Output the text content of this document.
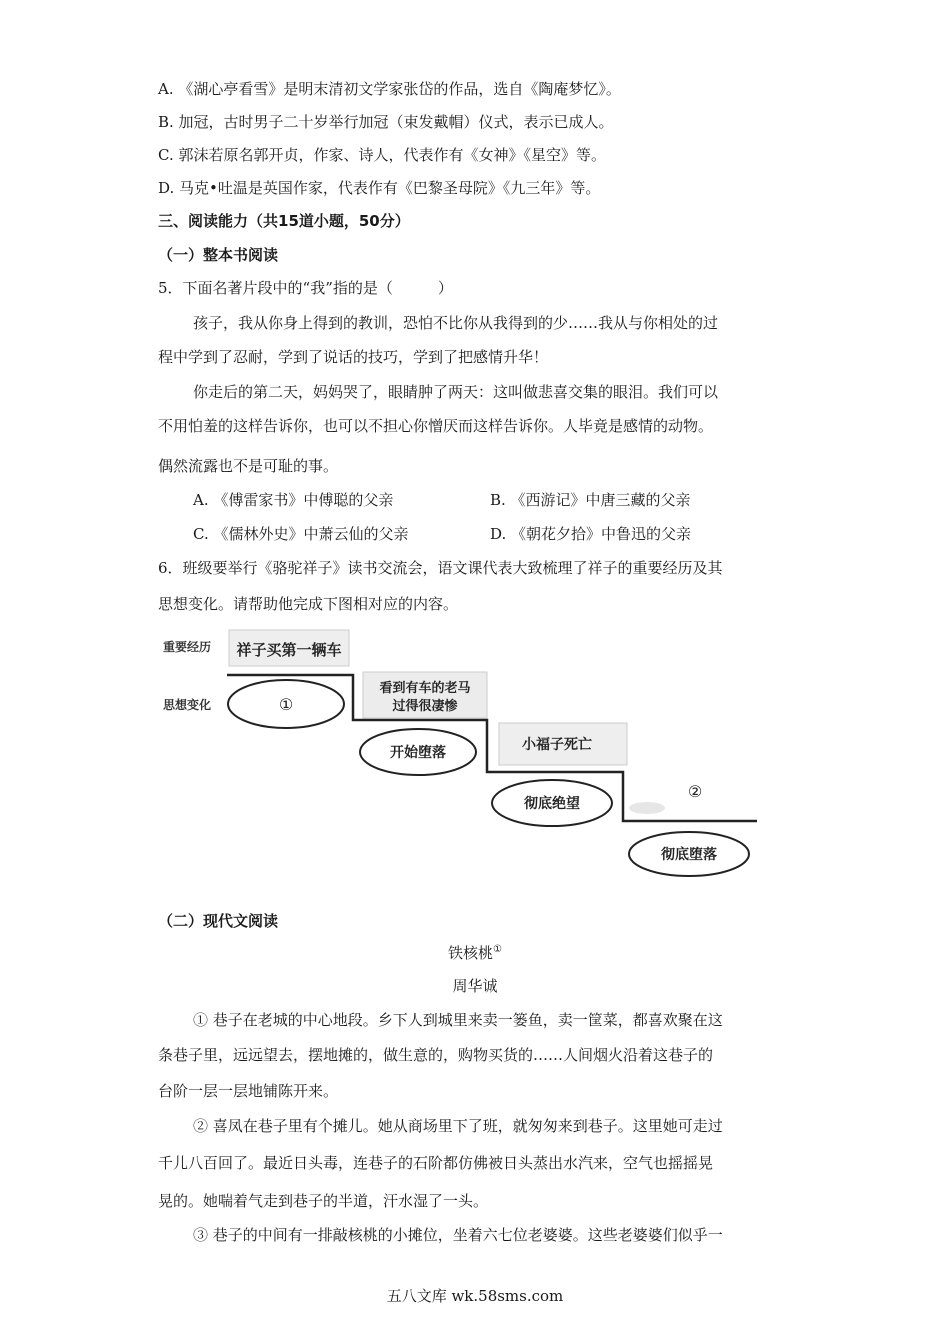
A. 《湖心亭看雪》是明末清初文学家张岱的作品，选自《陶庵梦忆》。
B. 加冠，古时男子二十岁举行加冠（束发戴帽）仪式，表示已成人。
C. 郭沫若原名郭开贞，作家、诗人，代表作有《女神》《星空》等。
D. 马克•吐温是英国作家，代表作有《巴黎圣母院》《九三年》等。
三、阅读能力（共15道小题，50分）
（一）整本书阅读
5．下面名著片段中的“我”指的是（　　　）
孩子，我从你身上得到的教训，恐怕不比你从我得到的少……我从与你相处的过
程中学到了忍耐，学到了说话的技巧，学到了把感情升华！
你走后的第二天，妈妈哭了，眼睛肿了两天：这叫做悲喜交集的眼泪。我们可以
不用怕羞的这样告诉你，也可以不担心你憎厌而这样告诉你。人毕竟是感情的动物。
偶然流露也不是可耻的事。
A. 《傅雷家书》中傅聪的父亲	B. 《西游记》中唐三藏的父亲
C. 《儒林外史》中萧云仙的父亲	D. 《朝花夕拾》中鲁迅的父亲
6．班级要举行《骆驼祥子》读书交流会，语文课代表大致梳理了祥子的重要经历及其
思想变化。请帮助他完成下图相对应的内容。
重要经历
思想变化
祥子买第一辆车
①
看到有车的老马
过得很凄惨
开始堕落	小福子死亡
彻底绝望
②
彻底堕落
（二）现代文阅读
铁核桃①
周华诚
① 巷子在老城的中心地段。乡下人到城里来卖一篓鱼，卖一筐菜，都喜欢聚在这
条巷子里，远远望去，摆地摊的，做生意的，购物买货的……人间烟火沿着这巷子的
台阶一层一层地铺陈开来。
② 喜凤在巷子里有个摊儿。她从商场里下了班，就匆匆来到巷子。这里她可走过
千儿八百回了。最近日头毒，连巷子的石阶都仿佛被日头蒸出水汽来，空气也摇摇晃
晃的。她喘着气走到巷子的半道，汗水湿了一头。
③ 巷子的中间有一排敲核桃的小摊位，坐着六七位老婆婆。这些老婆婆们似乎一
五八文库 wk.58sms.com
